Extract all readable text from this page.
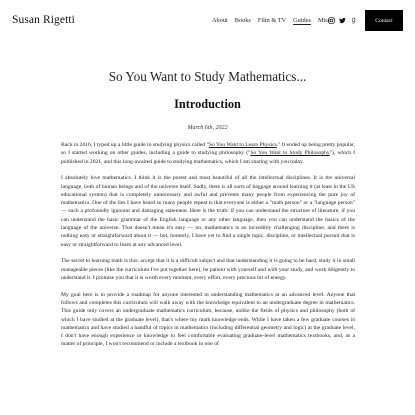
Susan Rigetti	About Books Film & TV Guides Misc	Contact
So You Want to Study Mathematics...
Introduction
March 6th, 2022

Back in 2016, I typed up a little guide to studying physics called "So You Want to Learn Physics." It ended up being pretty popular, so I started working on other guides, including a guide to studying philosophy ("So You Want to Study Philosophy"), which I published in 2021, and this long-awaited guide to studying mathematics, which I am sharing with you today.

I absolutely love mathematics. I think it is the purest and most beautiful of all the intellectual disciplines. It is the universal language, both of human beings and of the universe itself. Sadly, there is all sorts of baggage around learning it (at least in the US educational system) that is completely unnecessary and awful and prevents many people from experiencing the pure joy of mathematics. One of the lies I have heard so many people repeat is that everyone is either a "math person" or a "language person" — such a profoundly ignorant and damaging statement. Here is the truth: if you can understand the structure of literature, if you can understand the basic grammar of the English language or any other language, then you can understand the basics of the language of the universe. That doesn't mean it's easy — no, mathematics is an incredibly challenging discipline, and there is nothing easy or straightforward about it — but, honestly, I have yet to find a single topic, discipline, or intellectual pursuit that is easy or straightforward to learn at any advanced level.

The secret to learning math is this: accept that it is a difficult subject and that understanding it is going to be hard, study it in small manageable pieces (like the curriculum I've put together here), be patient with yourself and with your study, and work diligently to understand it. I promise you that it is worth every moment, every effort, every precious bit of energy.

My goal here is to provide a roadmap for anyone interested in understanding mathematics at an advanced level. Anyone that follows and completes this curriculum will walk away with the knowledge equivalent to an undergraduate degree in mathematics. This guide only covers an undergraduate mathematics curriculum, because, unlike the fields of physics and philosophy (both of which I have studied at the graduate level), that's where my math knowledge ends. While I have taken a few graduate courses in mathematics and have studied a handful of topics in mathematics (including differential geometry and logic) at the graduate level, I don't have enough experience or knowledge to feel comfortable evaluating graduate-level mathematics textbooks, and, as a matter of principle, I won't recommend or include a textbook in one of
